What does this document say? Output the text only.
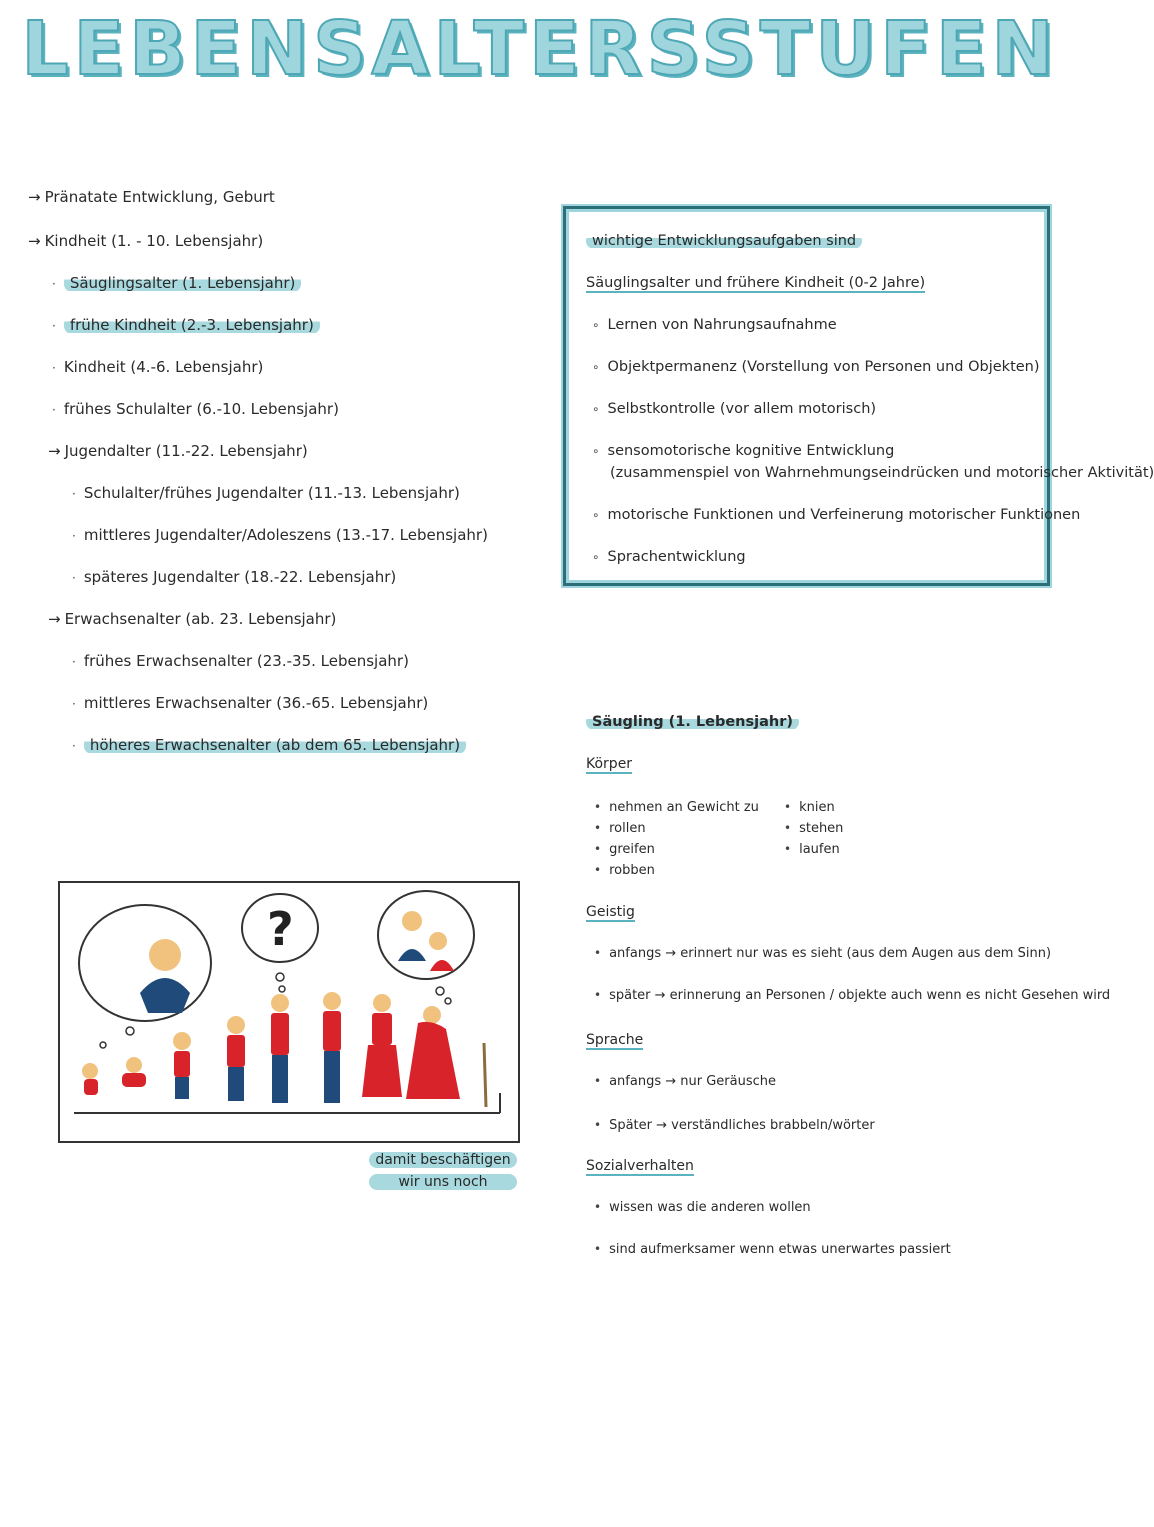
LEBENSALTERSSTUFEN
→ Pränatate Entwicklung, Geburt
→ Kindheit (1. - 10. Lebensjahr)
· Säuglingsalter (1. Lebensjahr)
· frühe Kindheit (2.-3. Lebensjahr)
· Kindheit (4.-6. Lebensjahr)
· frühes Schulalter (6.-10. Lebensjahr)
→ Jugendalter (11.-22. Lebensjahr)
· Schulalter/frühes Jugendalter (11.-13. Lebensjahr)
· mittleres Jugendalter/Adoleszens (13.-17. Lebensjahr)
· späteres Jugendalter (18.-22. Lebensjahr)
→ Erwachsenalter (ab. 23. Lebensjahr)
· frühes Erwachsenalter (23.-35. Lebensjahr)
· mittleres Erwachsenalter (36.-65. Lebensjahr)
· höheres Erwachsenalter (ab dem 65. Lebensjahr)
wichtige Entwicklungsaufgaben sind
Säuglingsalter und frühere Kindheit (0-2 Jahre)
∘ Lernen von Nahrungsaufnahme
∘ Objektpermanenz (Vorstellung von Personen und Objekten)
∘ Selbstkontrolle (vor allem motorisch)
∘ sensomotorische kognitive Entwicklung
(zusammenspiel von Wahrnehmungseindrücken und motorischer Aktivität)
∘ motorische Funktionen und Verfeinerung motorischer Funktionen
∘ Sprachentwicklung
?
damit beschäftigen
wir uns noch
Säugling (1. Lebensjahr)
Körper
• nehmen an Gewicht zu
• rollen
• greifen
• robben
• knien
• stehen
• laufen
Geistig
• anfangs → erinnert nur was es sieht (aus dem Augen aus dem Sinn)
• später → erinnerung an Personen / objekte auch wenn es nicht Gesehen wird
Sprache
• anfangs → nur Geräusche
• Später → verständliches brabbeln/wörter
Sozialverhalten
• wissen was die anderen wollen
• sind aufmerksamer wenn etwas unerwartes passiert
